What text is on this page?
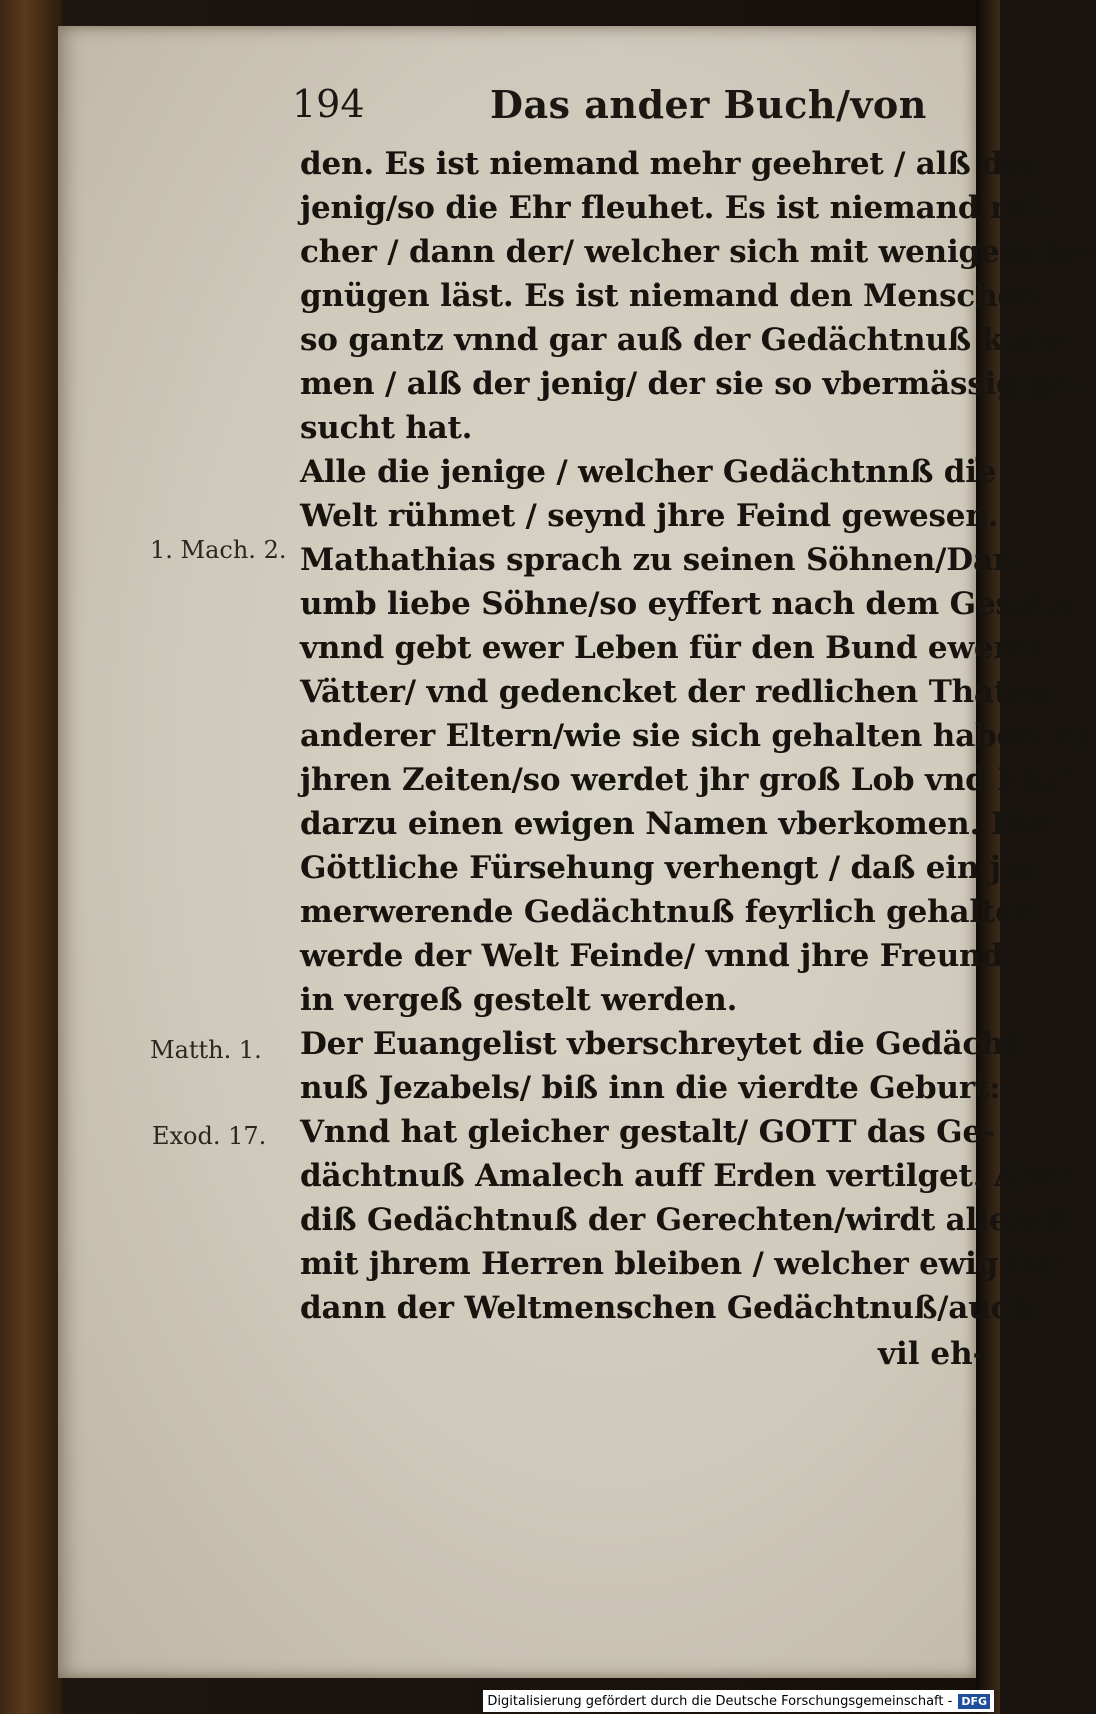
194	Das ander Buch/von
den. Es ist niemand mehr geehret / alß der
jenig/so die Ehr fleuhet. Es ist niemand rei-
cher / dann der/ welcher sich mit wenigem be-
gnügen läst. Es ist niemand den Menschen
so gantz vnnd gar auß der Gedächtnuß kom-
men / alß der jenig/ der sie so vbermässig ge-
sucht hat.
Alle die jenige / welcher Gedächtnnß die
Welt rühmet / seynd jhre Feind gewesen.
Mathathias sprach zu seinen Söhnen/Dar-
umb liebe Söhne/so eyffert nach dem Gesatz/
vnnd gebt ewer Leben für den Bund ewerer
Vätter/ vnd gedencket der redlichen Thaten
anderer Eltern/wie sie sich gehalten haben zu
jhren Zeiten/so werdet jhr groß Lob vnd Ehr/
darzu einen ewigen Namen vberkomen. Die
Göttliche Fürsehung verhengt / daß ein jm-
merwerende Gedächtnuß feyrlich gehalten
werde der Welt Feinde/ vnnd jhre Freund
in vergeß gestelt werden.
Der Euangelist vberschreytet die Gedächt-
nuß Jezabels/ biß inn die vierdte Geburt:
Vnnd hat gleicher gestalt/ GOTT das Ge-
dächtnuß Amalech auff Erden vertilget. Aber
diß Gedächtnuß der Gerechten/wirdt allezeit
mit jhrem Herren bleiben / welcher ewig ist/
dann der Weltmenschen Gedächtnuß/auch
vil eh-
1. Mach. 2.
Matth. 1.
Exod. 17.
Digitalisierung gefördert durch die Deutsche Forschungsgemeinschaft - DFG
